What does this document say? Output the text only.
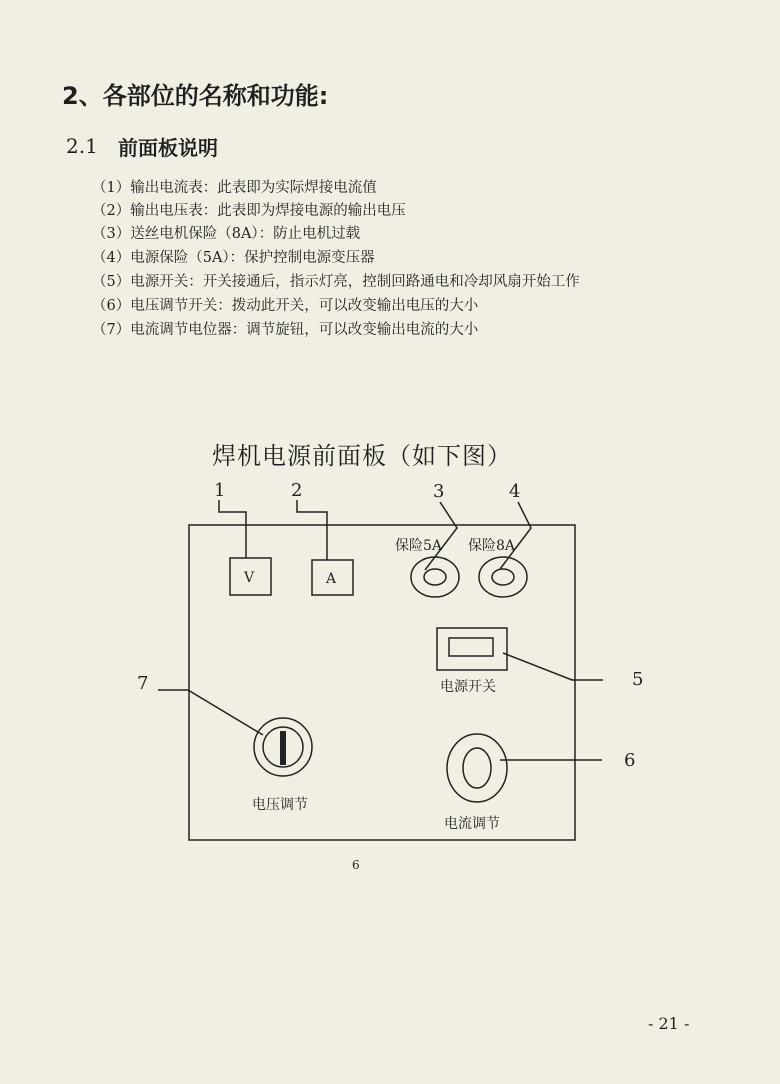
2、各部位的名称和功能:
2.1 前面板说明
（1）输出电流表：此表即为实际焊接电流值
（2）输出电压表：此表即为焊接电源的输出电压
（3）送丝电机保险（8A）：防止电机过载
（4）电源保险（5A）：保护控制电源变压器
（5）电源开关：开关接通后，指示灯亮，控制回路通电和冷却风扇开始工作
（6）电压调节开关：拨动此开关，可以改变输出电压的大小
（7）电流调节电位器：调节旋钮，可以改变输出电流的大小
焊机电源前面板（如下图）
1	2	3	4
5
6
7
V	A
保险5A 保险8A
电源开关
电压调节
电流调节
6
- 21 -
